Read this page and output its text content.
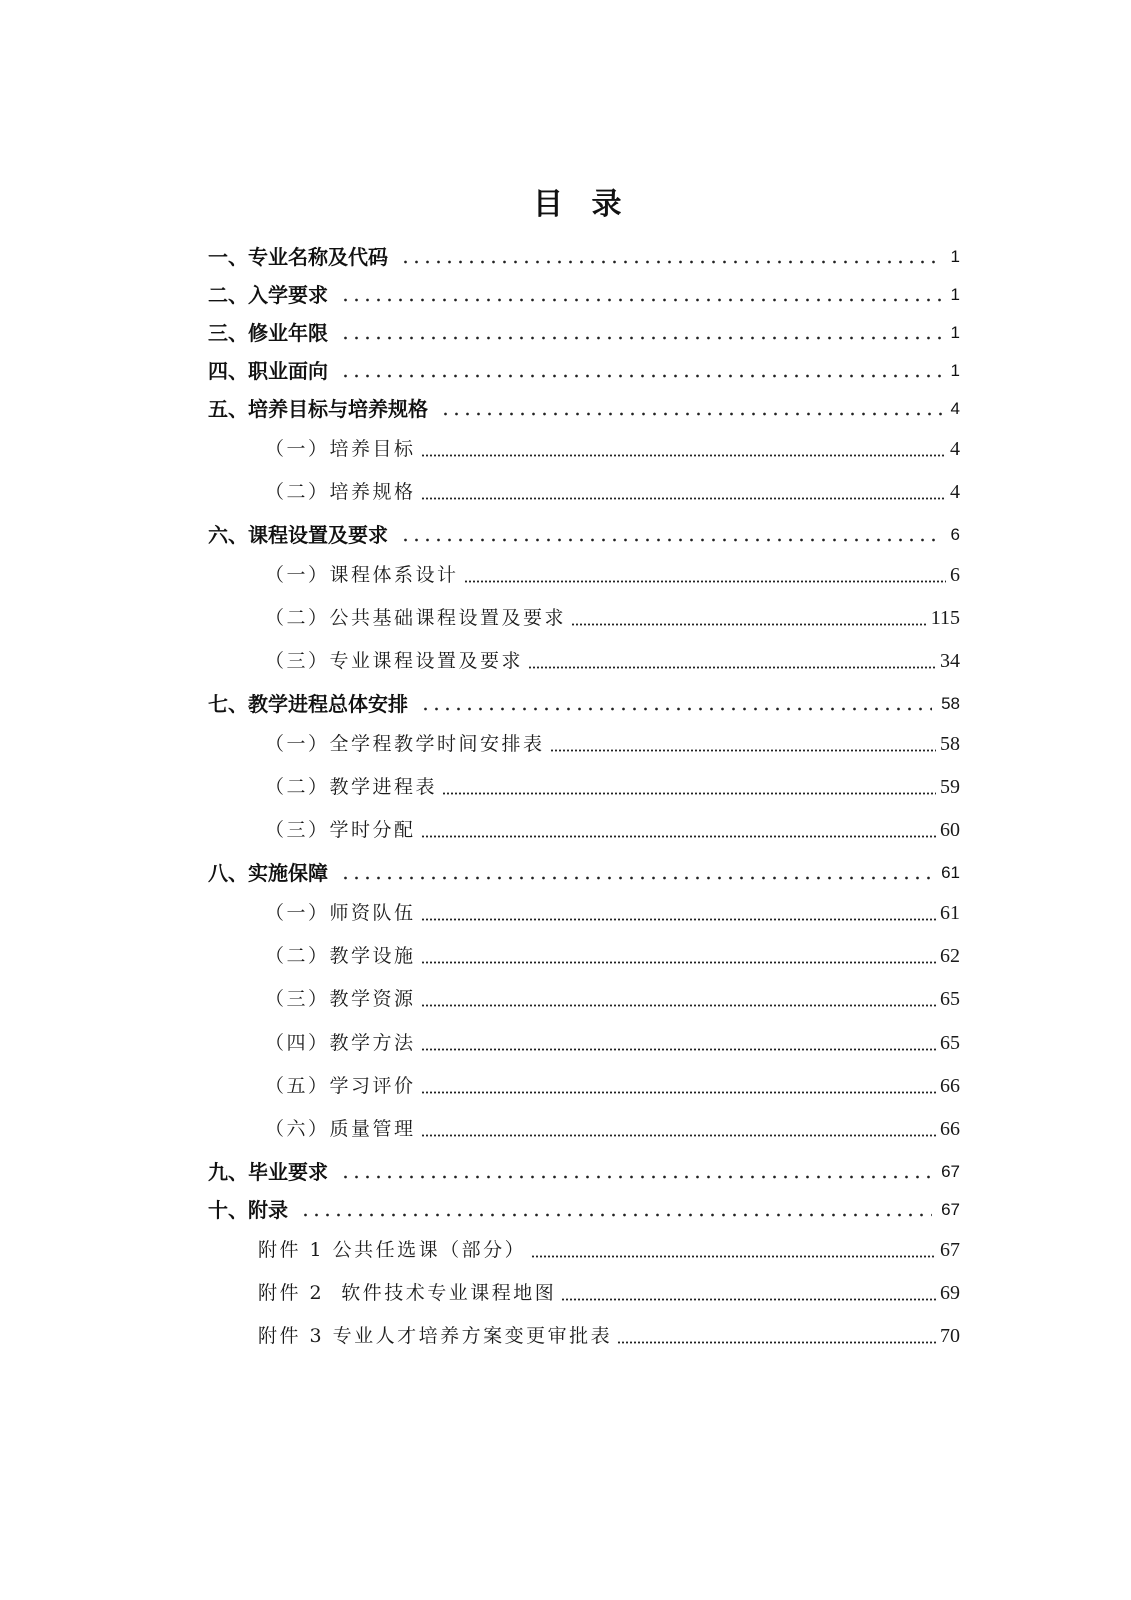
目 录
一、专业名称及代码	1
二、入学要求	1
三、修业年限	1
四、职业面向	1
五、培养目标与培养规格	4
（一）培养目标	4
（二）培养规格	4
六、课程设置及要求	6
（一）课程体系设计	6
（二）公共基础课程设置及要求	115
（三）专业课程设置及要求	34
七、教学进程总体安排	58
（一）全学程教学时间安排表	58
（二）教学进程表	59
（三）学时分配	60
八、实施保障	61
（一）师资队伍	61
（二）教学设施	62
（三）教学资源	65
（四）教学方法	65
（五）学习评价	66
（六）质量管理	66
九、毕业要求	67
十、附录	67
附件 1 公共任选课（部分）	67
附件 2  软件技术专业课程地图	69
附件 3 专业人才培养方案变更审批表	70
